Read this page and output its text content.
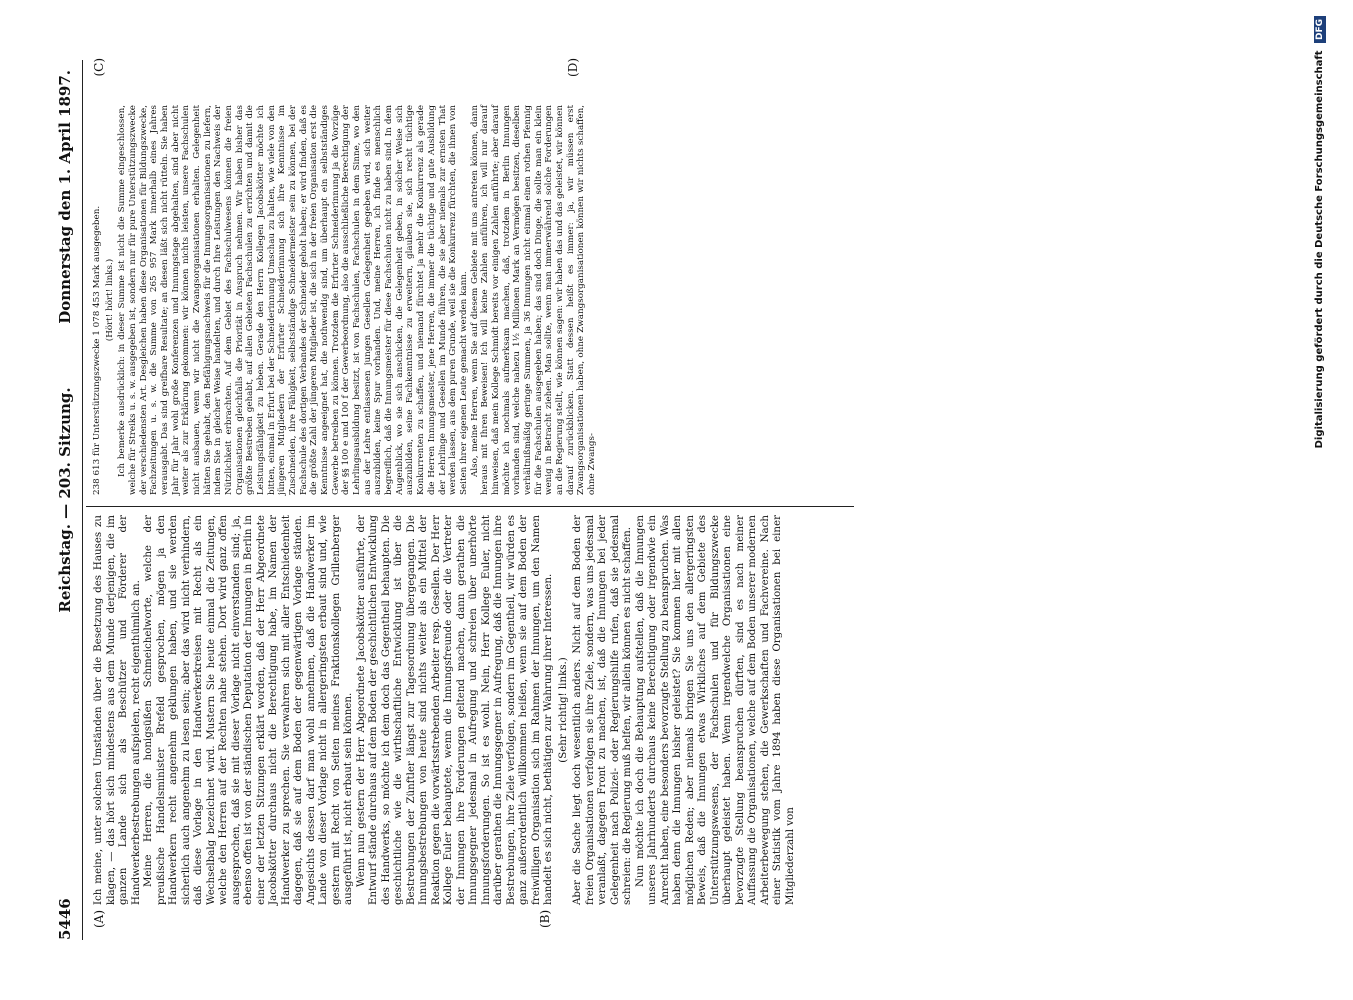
5446
Reichstag. — 203. Sitzung.
Donnerstag den 1. April 1897.
(A)	(B)
(C)	(D)

Ich meine, unter solchen Umständen über die Besetzung des Hauses zu klagen, — das hört sich mindestens aus dem Munde derjenigen, die im ganzen Lande sich als Beschützer und Förderer der Handwerkerbestrebungen aufspielen, recht eigenthümlich an. Meine Herren, die honigsüßen Schmeichelworte, welche der preußische Handelsminister Brefeld gesprochen, mögen ja den Handwerkern recht angenehm geklungen haben, und sie werden sicherlich auch angenehm zu lesen sein; aber das wird nicht verhindern, daß diese Vorlage in den Handwerkerkreisen mit Recht als ein Wechselbalg bezeichnet wird. Mustern Sie heute einmal die Zeitungen, welche den Herren auf der Rechten nahe stehen. Dort wird ganz offen ausgesprochen, daß sie mit dieser Vorlage nicht einverstanden sind; ja, ebenso offen ist von der ständischen Deputation der Innungen in Berlin in einer der letzten Sitzungen erklärt worden, daß der Herr Abgeordnete Jacobskötter durchaus nicht die Berechtigung habe, im Namen der Handwerker zu sprechen. Sie verwahren sich mit aller Entschiedenheit dagegen, daß sie auf dem Boden der gegenwärtigen Vorlage ständen. Angesichts dessen darf man wohl annehmen, daß die Handwerker im Lande von dieser Vorlage nicht in allergeringsten erbaut sind und, wie gestern mit Recht von Seiten meines Fraktionskollegen Grillenberger ausgeführt ist, nicht erbaut sein können. Wenn nun gestern der Herr Abgeordnete Jacobskötter ausführte, der Entwurf stände durchaus auf dem Boden der geschichtlichen Entwicklung des Handwerks, so möchte ich dem doch das Gegentheil behaupten. Die geschichtliche wie die wirthschaftliche Entwicklung ist über die Bestrebungen der Zünftler längst zur Tagesordnung übergegangen. Die Innungsbestrebungen von heute sind nichts weiter als ein Mittel der Reaktion gegen die vorwärtsstrebenden Arbeiter resp. Gesellen. Der Herr Kollege Euler behauptete, wenn die Innungsfreunde oder die Vertreter der Innungen ihre Forderungen geltend machen, dann gerathen die Innungsgegner jedesmal in Aufregung und schreien über unerhörte Innungsforderungen. So ist es wohl. Nein, Herr Kollege Euler, nicht darüber gerathen die Innungsgegner in Aufregung, daß die Innungen ihre Bestrebungen, ihre Ziele verfolgen, sondern im Gegentheil, wir würden es ganz außerordentlich willkommen heißen, wenn sie auf dem Boden der freiwilligen Organisation sich im Rahmen der Innungen, um den Namen handelt es sich nicht, bethätigen zur Wahrung ihrer Interessen. (Sehr richtig! links.) Aber die Sache liegt doch wesentlich anders. Nicht auf dem Boden der freien Organisationen verfolgen sie ihre Ziele, sondern, was uns jedesmal veranlaßt, dagegen Front zu machen, ist, daß die Innungen bei jeder Gelegenheit nach Polizei- oder Regierungshilfe rufen, daß sie jedesmal schreien: die Regierung muß helfen, wir allein können es nicht schaffen. Nun möchte ich doch die Behauptung aufstellen, daß die Innungen unseres Jahrhunderts durchaus keine Berechtigung oder irgendwie ein Anrecht haben, eine besonders bevorzugte Stellung zu beanspruchen. Was haben denn die Innungen bisher geleistet? Sie kommen hier mit allen möglichen Reden; aber niemals bringen Sie uns den allergeringsten Beweis, daß die Innungen etwas Wirkliches auf dem Gebiete des Unterstützungswesens, der Fachschulen und für Bildungszwecke überhaupt geleistet haben. Wenn irgendwelche Organisationen eine bevorzugte Stellung beanspruchen dürften, sind es nach meiner Auffassung die Organisationen, welche auf dem Boden unserer modernen Arbeiterbewegung stehen, die Gewerkschaften und Fachvereine. Nach einer Statistik vom Jahre 1894 haben diese Organisationen bei einer Mitgliederzahl von

238 613 für Unterstützungszwecke 1 078 453 Mark ausgegeben. (Hört! hört! links.) Ich bemerke ausdrücklich: in dieser Summe ist nicht die Summe eingeschlossen, welche für Streiks u. s. w. ausgegeben ist, sondern nur für pure Unterstützungszwecke der verschiedensten Art. Desgleichen haben diese Organisationen für Bildungszwecke, Fachzeitungen u. s. w. die Summe von 265 957 Mark innerhalb eines Jahres verausgabt. Das sind greifbare Resultate; an diesen läßt sich nicht rütteln. Sie haben Jahr für Jahr wohl große Konferenzen und Innungstage abgehalten, sind aber nicht weiter als zur Erklärung gekommen: wir können nichts leisten, unsere Fachschulen nicht ausbauen, wenn wir nicht die Zwangsorganisationen erhalten. Gelegenheit hätten Sie gehabt, den Befähigungsnachweis für die Innungsorganisationen zu liefern, indem Sie in gleicher Weise handelten, und durch Ihre Leistungen den Nachweis der Nützlichkeit erbrachten. Auf dem Gebiet des Fachschulwesens können die freien Organisationen gleichfalls die Priorität in Anspruch nehmen. Wir haben bisher das größte Bestreben gehabt, auf allen Gebieten Fachschulen zu errichten und damit die Leistungsfähigkeit zu heben. Gerade den Herrn Kollegen Jacobskötter möchte ich bitten, einmal in Erfurt bei der Schneiderinnung Umschau zu halten, wie viele von den jüngeren Mitgliedern der Erfurter Schneiderinnung sich ihre Kenntnisse im Zuschneiden, ihre Fähigkeit, selbstständige Schneidermeister sein zu können, bei der Fachschule des dortigen Verbandes der Schneider geholt haben; er wird finden, daß es die größte Zahl der jüngeren Mitglieder ist, die sich in der freien Organisation erst die Kenntnisse angeeignet hat, die nothwendig sind, um überhaupt ein selbstständiges Gewerbe betreiben zu können. Trotzdem die Erfurter Schneiderinnung ja die Vorzüge der §§ 100 e und 100 f der Gewerbeordnung, also die ausschließliche Berechtigung der Lehrlingsausbildung besitzt, ist von Fachschulen, Fachschulen in dem Sinne, wo den aus der Lehre entlassenen jungen Gesellen Gelegenheit gegeben wird, sich weiter auszubilden, keine Spur vorhanden. Und, meine Herren, ich finde es menschlich begreiflich, daß die Innungsmeister für diese Fachschulen nicht zu haben sind. In dem Augenblick, wo sie sich anschicken, die Gelegenheit geben, in solcher Weise sich auszubilden, seine Fachkenntnisse zu erweitern, glauben sie, sich recht tüchtige Konkurrenten zu schaffen, und niemand fürchtet ja mehr die Konkurrenz als gerade die Herren Innungsmeister, jene Herren, die immer die tüchtige und gute Ausbildung der Lehrlinge und Gesellen im Munde führen, die sie aber niemals zur ernsten That werden lassen, aus dem puren Grunde, weil sie die Konkurrenz fürchten, die ihnen von Seiten ihrer eigenen Leute gemacht werden kann. Also, meine Herren, wenn Sie auf diesem Gebiete mit uns antreten können, dann heraus mit Ihren Beweisen! Ich will keine Zahlen anführen, ich will nur darauf hinweisen, daß mein Kollege Schmidt bereits vor einigen Zahlen anführte; aber darauf möchte ich nochmals aufmerksam machen, daß, trotzdem in Berlin Innungen vorhanden sind, welche nahezu 1½ Millionen Mark an Vermögen besitzen, dieselben verhältnißmäßig geringe Summen, ja 36 Innungen nicht einmal einen rothen Pfennig für die Fachschulen ausgegeben haben; das sind doch Dinge, die sollte man ein klein wenig in Betracht ziehen. Man sollte, wenn man immerwährend solche Forderungen an die Regierung stellt, wie können sagen: wir haben das und das geleistet, wir können darauf zurückblicken. Statt dessen heißt es immer: ja, wir müssen erst Zwangsorganisationen haben, ohne Zwangsorganisationen können wir nichts schaffen, ohne Zwangs-

Digitalisierung gefördert durch die Deutsche Forschungsgemeinschaft DFG
